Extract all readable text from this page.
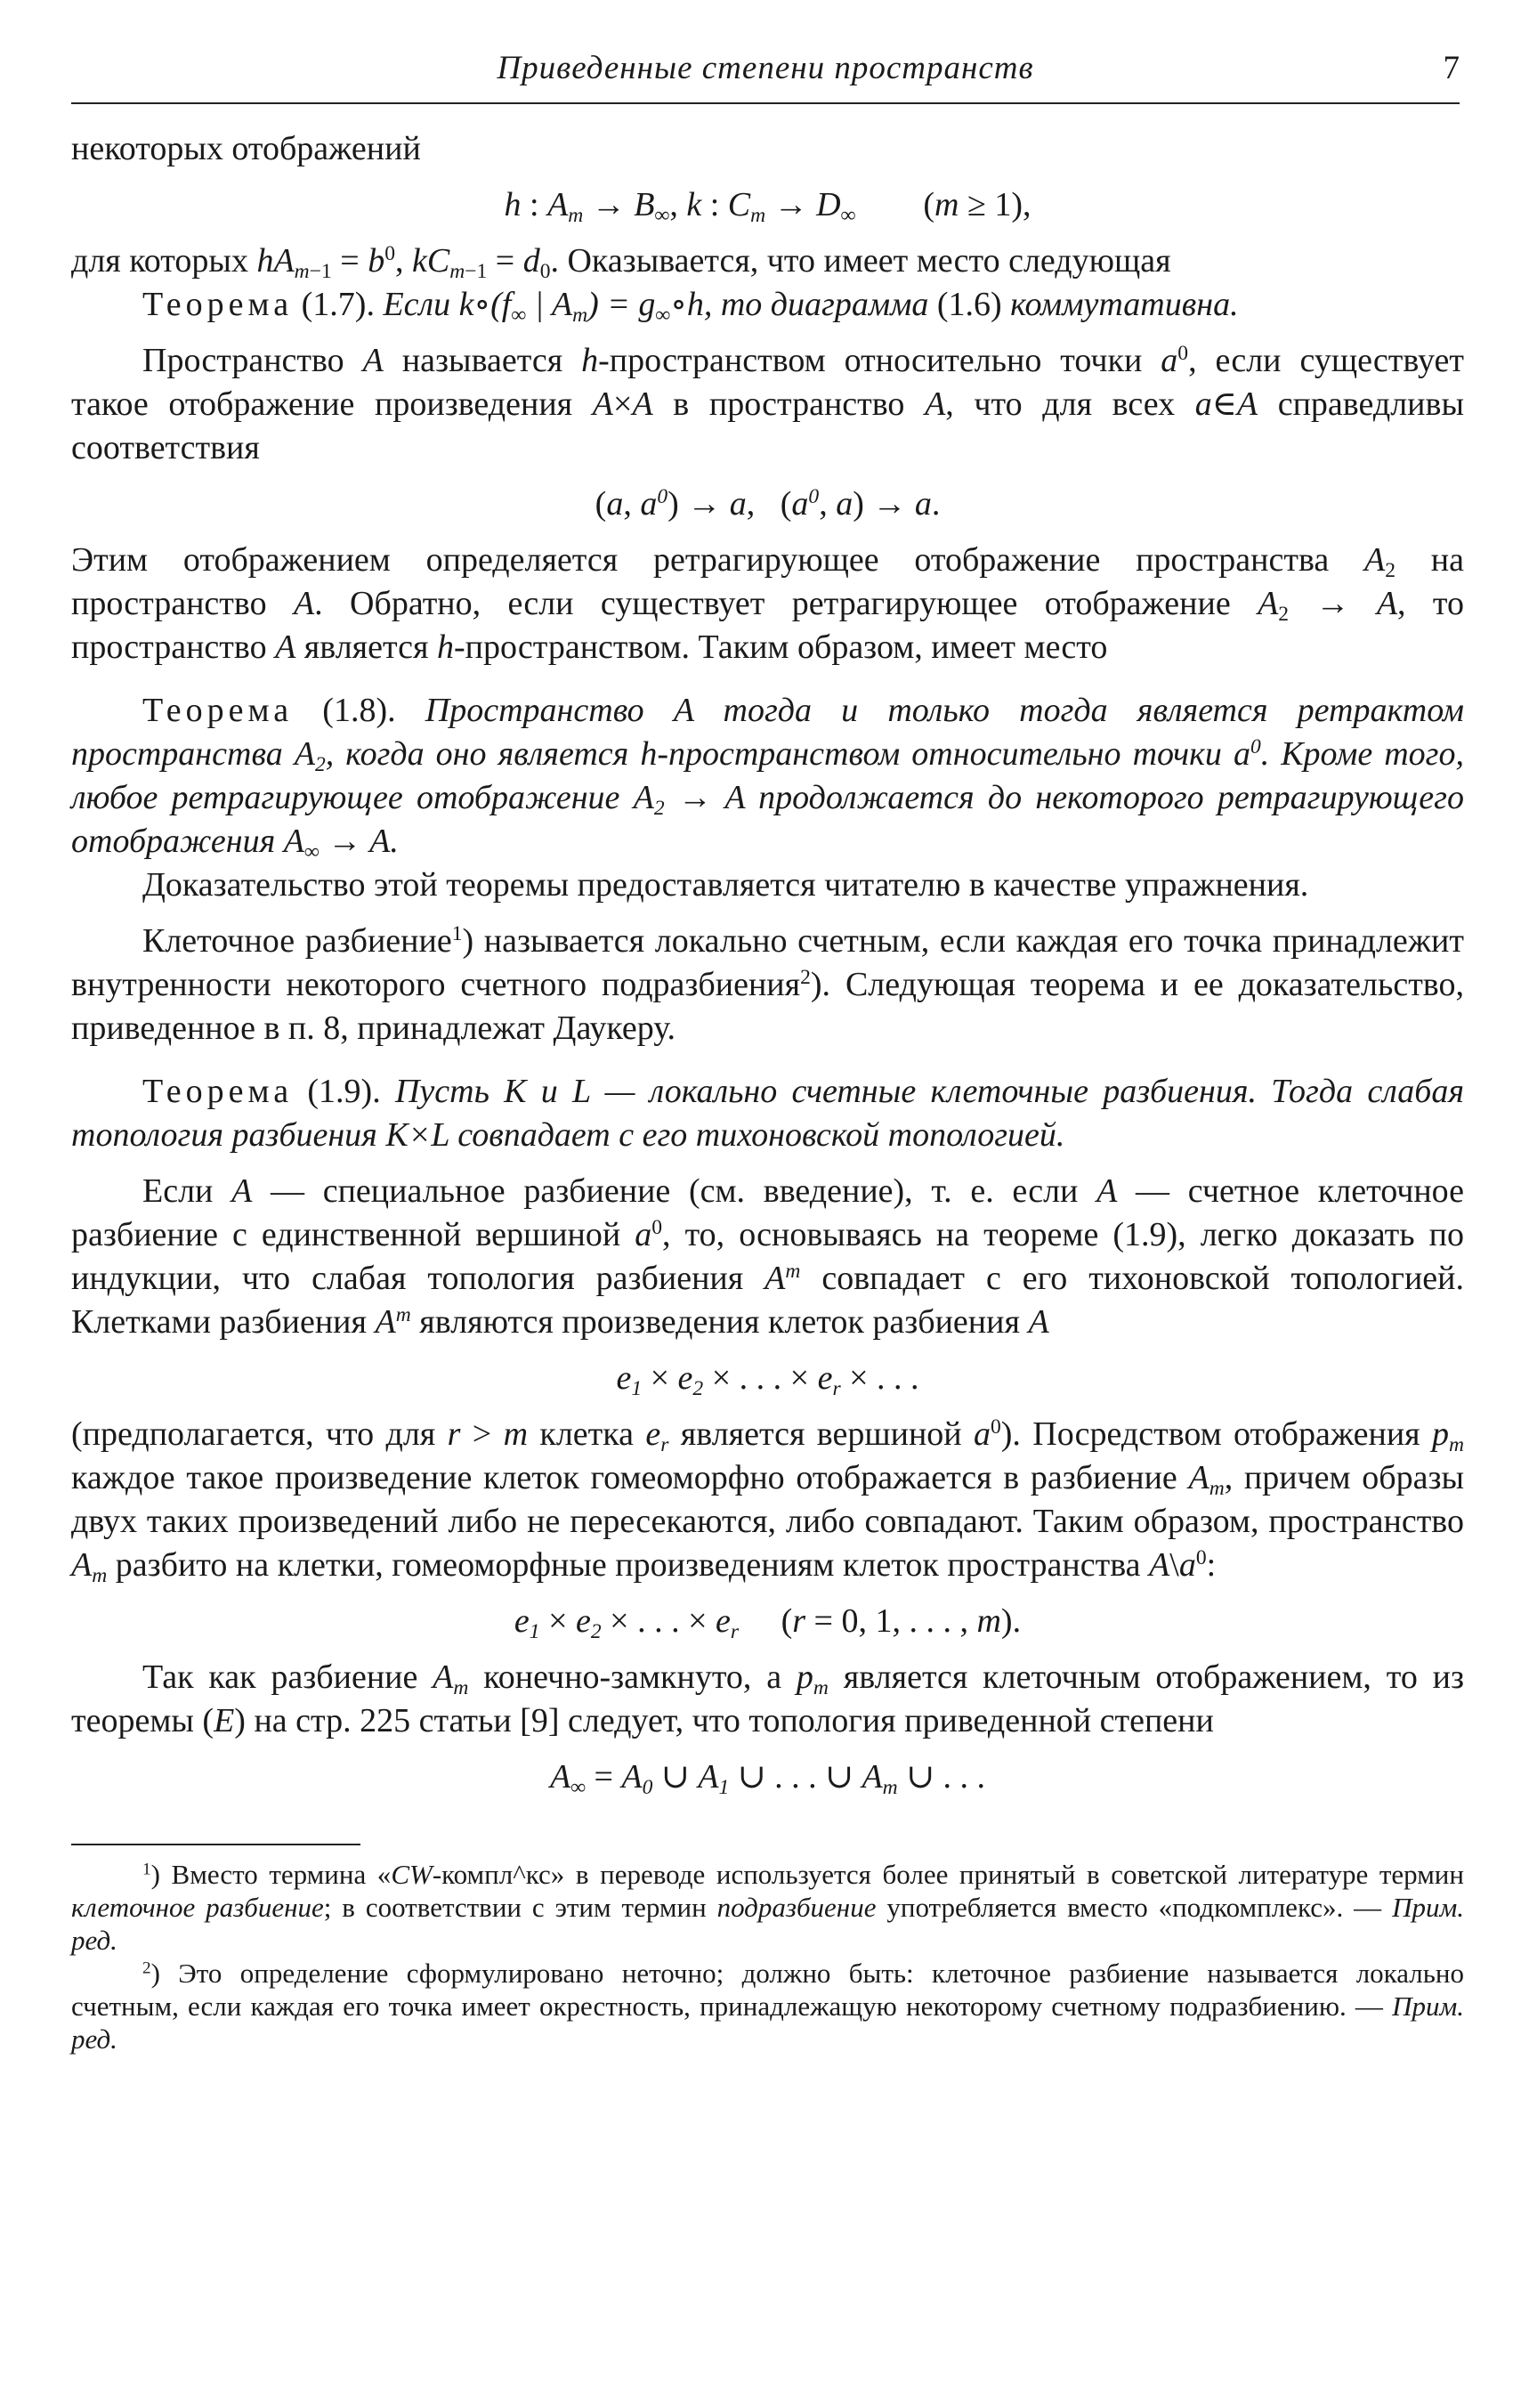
Приведенные степени пространств	7

некоторых отображений

h : $A_m \to B_\infty$, k : $C_m \to D_\infty$        (m ≥ 1),

для которых $hA_{m-1} = b^0$, $kC_{m-1} = d_0$. Оказывается, что имеет место следующая

Теорема (1.7). Если $k\circ(f_\infty$ | $A_m$) = $g_\infty\circ h$, то диаграмма (1.6) коммутативна.

Пространство A называется h-пространством относительно точки $a^0$, если существует такое отображение произведения A×A в пространство A, что для всех a∈A справедливы соответствия

(a, $a^0) \to a$,   ($a^0$, a) → a.

Этим отображением определяется ретрагирующее отображение пространства $A_2$ на пространство A. Обратно, если существует ретрагирующее отображение $A_2 \to A$, то пространство A является h-пространством. Таким образом, имеет место

Теорема (1.8). Пространство A тогда и только тогда является ретрактом пространства $A_2$, когда оно является h-пространством относительно точки $a^0$. Кроме того, любое ретрагирующее отображение $A_2 \to A$ продолжается до некоторого ретрагирующего отображения $A_\infty \to A$.

Доказательство этой теоремы предоставляется читателю в качестве упражнения.

Клеточное разбиение$^1$) называется локально счетным, если каждая его точка принадлежит внутренности некоторого счетного подразбиения$^2$). Следующая теорема и ее доказательство, приведенное в п. 8, принадлежат Даукеру.

Теорема (1.9). Пусть K и L — локально счетные клеточные разбиения. Тогда слабая топология разбиения K×L совпадает с его тихоновской топологией.

Если A — специальное разбиение (см. введение), т. е. если A — счетное клеточное разбиение с единственной вершиной $a^0$, то, основываясь на теореме (1.9), легко доказать по индукции, что слабая топология разбиения $A^m$ совпадает с его тихоновской топологией. Клетками разбиения $A^m$ являются произведения клеток разбиения A

$e_1 \times e_2$ × . . . × $e_r$ × . . .

(предполагается, что для r > m клетка $e_r$ является вершиной $a^0$). Посредством отображения $p_m$ каждое такое произведение клеток гомеоморфно отображается в разбиение $A_m$, причем образы двух таких произведений либо не пересекаются, либо совпадают. Таким образом, пространство $A_m$ разбито на клетки, гомеоморфные произведениям клеток пространства $A\backslash a^0$:

$e_1 \times e_2$ × . . . × $e_r$     (r = 0, 1, . . . , m).

Так как разбиение $A_m$ конечно-замкнуто, а $p_m$ является клеточным отображением, то из теоремы (E) на стр. 225 статьи [9] следует, что топология приведенной степени

$A_\infty = A_0$ ∪ $A_1$ ∪ . . . ∪ $A_m$ ∪ . . .

$^1$) Вместо термина «CW-компл^кс» в переводе используется более принятый в советской литературе термин клеточное разбиение; в соответствии с этим термин подразбиение употребляется вместо «подкомплекс». — Прим. ред.

$^2$) Это определение сформулировано неточно; должно быть: клеточное разбиение называется локально счетным, если каждая его точка имеет окрестность, принадлежащую некоторому счетному подразбиению. — Прим. ред.
